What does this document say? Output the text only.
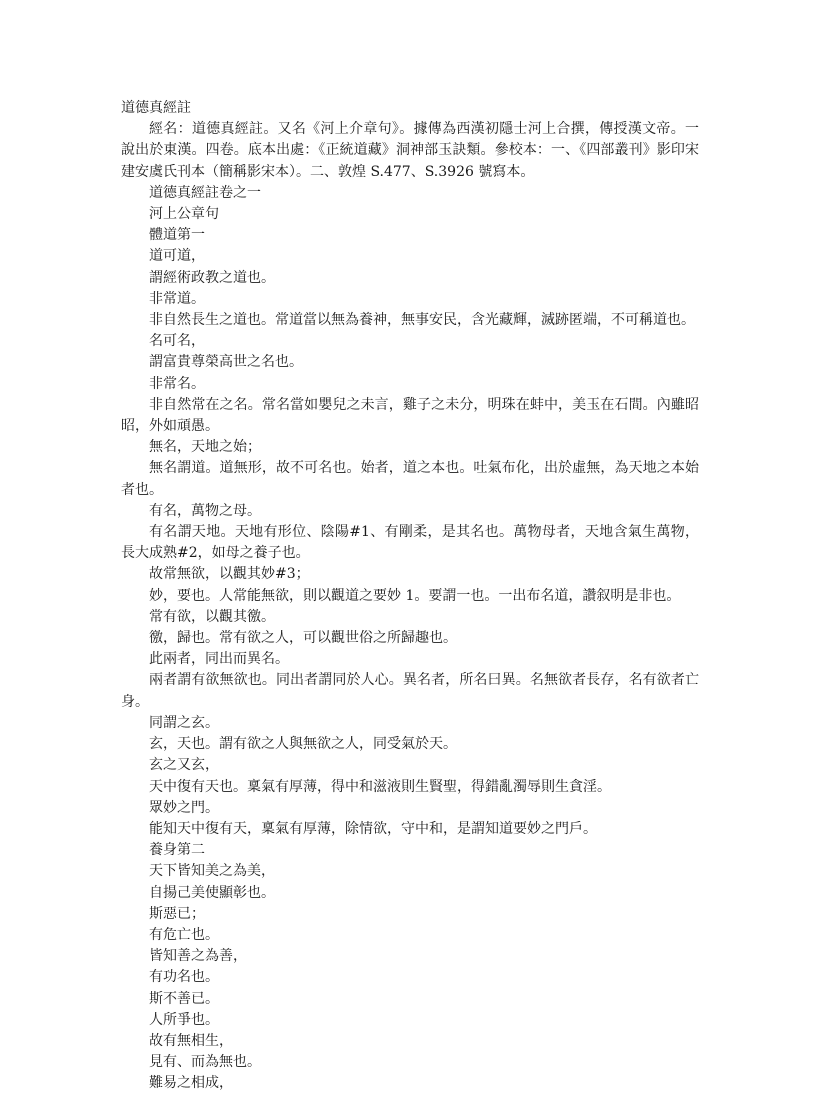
道德真經註

經名：道德真經註。又名《河上介章句》。據傳為西漢初隱士河上合撰，傳授漢文帝。一說出於東漢。四卷。底本出處：《正統道藏》洞神部玉訣類。參校本：一、《四部叢刊》影印宋建安虞氏刊本（簡稱影宋本）。二、敦煌 S.477、S.3926 號寫本。

道德真經註卷之一

河上公章句

體道第一

道可道，

謂經術政教之道也。

非常道。

非自然長生之道也。常道當以無為養神，無事安民，含光藏輝，滅跡匿端，不可稱道也。

名可名，

謂富貴尊榮高世之名也。

非常名。

非自然常在之名。常名當如嬰兒之未言，雞子之未分，明珠在蚌中，美玉在石間。內雖昭昭，外如頑愚。

無名，天地之始；

無名謂道。道無形，故不可名也。始者，道之本也。吐氣布化，出於虛無，為天地之本始者也。

有名，萬物之母。

有名謂天地。天地有形位、陰陽#1、有剛柔，是其名也。萬物母者，天地含氣生萬物，長大成熟#2，如母之養子也。

故常無欲，以觀其妙#3；

妙，要也。人常能無欲，則以觀道之要妙 1。要謂一也。一出布名道，讚叙明是非也。

常有欲，以觀其徼。

徼，歸也。常有欲之人，可以觀世俗之所歸趣也。

此兩者，同出而異名。

兩者謂有欲無欲也。同出者謂同於人心。異名者，所名曰異。名無欲者長存，名有欲者亡身。

同謂之玄。

玄，天也。謂有欲之人與無欲之人，同受氣於天。

玄之又玄，

天中復有天也。稟氣有厚薄，得中和滋液則生賢聖，得錯亂濁辱則生貪淫。

眾妙之門。

能知天中復有天，稟氣有厚薄，除情欲，守中和，是謂知道要妙之門戶。

養身第二

天下皆知美之為美，

自揚己美使顯彰也。

斯惡已；

有危亡也。

皆知善之為善，

有功名也。

斯不善已。

人所爭也。

故有無相生，

見有、而為無也。

難易之相成，
